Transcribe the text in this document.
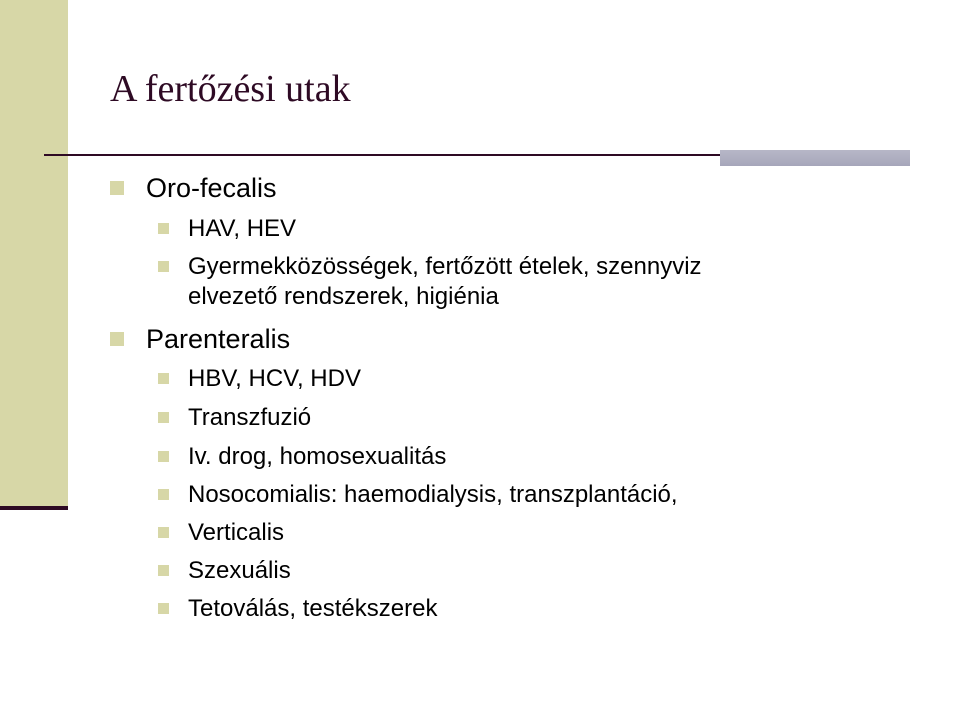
A fertőzési utak
Oro-fecalis
HAV, HEV
Gyermekközösségek, fertőzött ételek, szennyviz
elvezető rendszerek, higiénia
Parenteralis
HBV, HCV, HDV
Transzfuzió
Iv. drog, homosexualitás
Nosocomialis: haemodialysis, transzplantáció,
Verticalis
Szexuális
Tetoválás, testékszerek
